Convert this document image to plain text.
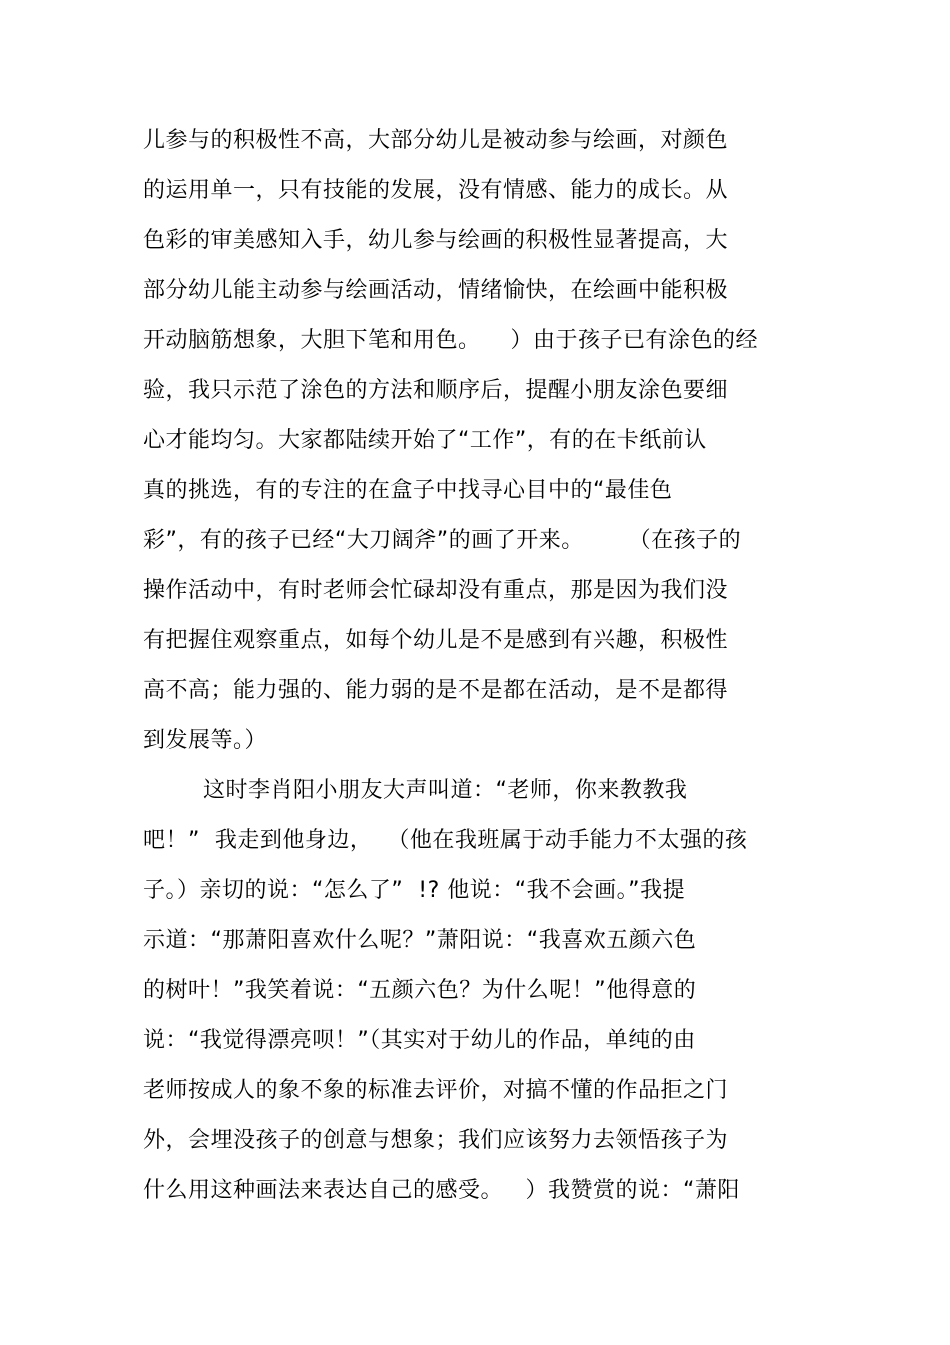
儿参与的积极性不高，大部分幼儿是被动参与绘画，对颜色
的运用单一，只有技能的发展，没有情感、能力的成长。从
色彩的审美感知入手，幼儿参与绘画的积极性显著提高，大
部分幼儿能主动参与绘画活动，情绪愉快，在绘画中能积极
开动脑筋想象，大胆下笔和用色。    ）由于孩子已有涂色的经
验，我只示范了涂色的方法和顺序后，提醒小朋友涂色要细
心才能均匀。大家都陆续开始了“工作”，有的在卡纸前认
真的挑选，有的专注的在盒子中找寻心目中的“最佳色
彩”，有的孩子已经“大刀阔斧”的画了开来。      （在孩子的
操作活动中，有时老师会忙碌却没有重点，那是因为我们没
有把握住观察重点，如每个幼儿是不是感到有兴趣，积极性
高不高；能力强的、能力弱的是不是都在活动，是不是都得
到发展等。）
这时李肖阳小朋友大声叫道：“老师，你来教教我
吧！”  我走到他身边，  （他在我班属于动手能力不太强的孩
子。）亲切的说：“怎么了”  !? 他说：“我不会画。”我提
示道：“那萧阳喜欢什么呢？”萧阳说：“我喜欢五颜六色
的树叶！”我笑着说：“五颜六色？为什么呢！”他得意的
说：“我觉得漂亮呗！”（其实对于幼儿的作品，单纯的由
老师按成人的象不象的标准去评价，对搞不懂的作品拒之门
外，会埋没孩子的创意与想象；我们应该努力去领悟孩子为
什么用这种画法来表达自己的感受。   ）我赞赏的说：“萧阳
